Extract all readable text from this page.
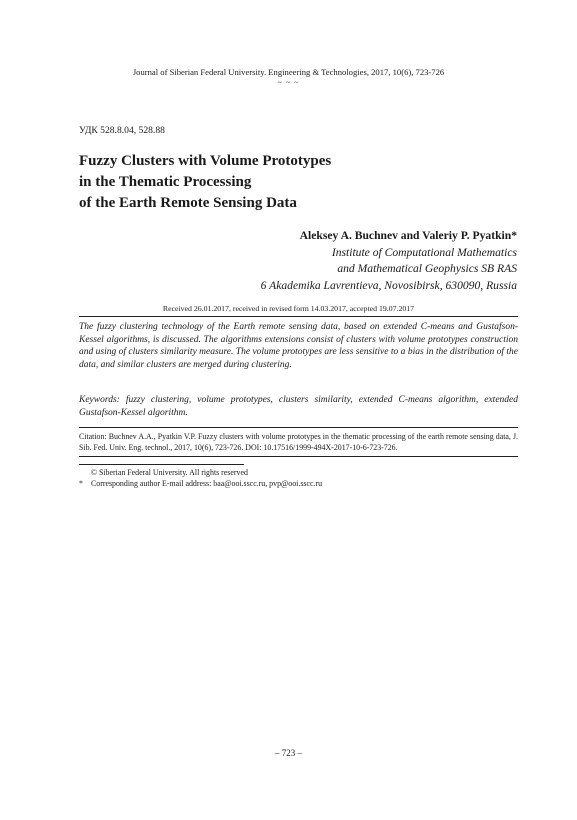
Journal of Siberian Federal University. Engineering & Technologies, 2017, 10(6), 723-726
~ ~ ~
УДК 528.8.04, 528.88
Fuzzy Clusters with Volume Prototypes
in the Thematic Processing
of the Earth Remote Sensing Data
Aleksey A. Buchnev and Valeriy P. Pyatkin*
Institute of Computational Mathematics
and Mathematical Geophysics SB RAS
6 Akademika Lavrentieva, Novosibirsk, 630090, Russia
Received 26.01.2017, received in revised form 14.03.2017, accepted 19.07.2017
The fuzzy clustering technology of the Earth remote sensing data, based on extended C-means and Gustafson-Kessel algorithms, is discussed. The algorithms extensions consist of clusters with volume prototypes construction and using of clusters similarity measure. The volume prototypes are less sensitive to a bias in the distribution of the data, and similar clusters are merged during clustering.
Keywords: fuzzy clustering, volume prototypes, clusters similarity, extended C-means algorithm, extended Gustafson-Kessel algorithm.
Citation: Buchnev A.A., Pyatkin V.P. Fuzzy clusters with volume prototypes in the thematic processing of the earth remote sensing data, J. Sib. Fed. Univ. Eng. technol., 2017, 10(6), 723-726. DOI: 10.17516/1999-494X-2017-10-6-723-726.
© Siberian Federal University. All rights reserved
* Corresponding author E-mail address: baa@ooi.sscc.ru, pvp@ooi.sscc.ru
– 723 –
